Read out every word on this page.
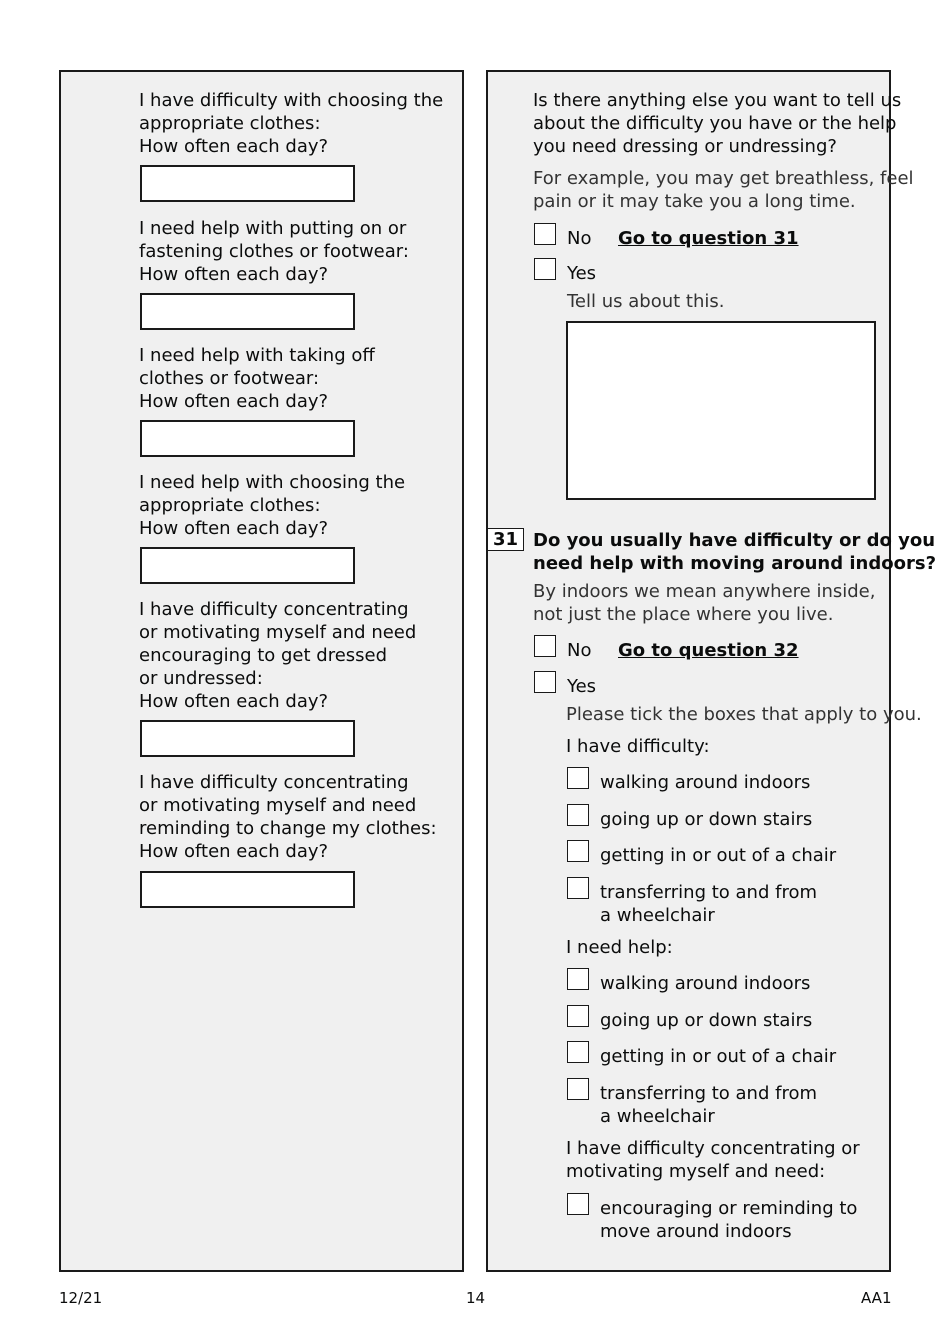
I have difficulty with choosing the
appropriate clothes:
How often each day?
I need help with putting on or
fastening clothes or footwear:
How often each day?
I need help with taking off
clothes or footwear:
How often each day?
I need help with choosing the
appropriate clothes:
How often each day?
I have difficulty concentrating
or motivating myself and need
encouraging to get dressed
or undressed:
How often each day?
I have difficulty concentrating
or motivating myself and need
reminding to change my clothes:
How often each day?
Is there anything else you want to tell us
about the difficulty you have or the help
you need dressing or undressing?
For example, you may get breathless, feel
pain or it may take you a long time.
No Go to question 31
Yes
Tell us about this.
31 Do you usually have difficulty or do you
need help with moving around indoors?
By indoors we mean anywhere inside,
not just the place where you live.
No Go to question 32
Yes
Please tick the boxes that apply to you.
I have difficulty:
walking around indoors
going up or down stairs
getting in or out of a chair
transferring to and from
a wheelchair
I need help:
walking around indoors
going up or down stairs
getting in or out of a chair
transferring to and from
a wheelchair
I have difficulty concentrating or
motivating myself and need:
encouraging or reminding to
move around indoors
12/21	14	AA1
